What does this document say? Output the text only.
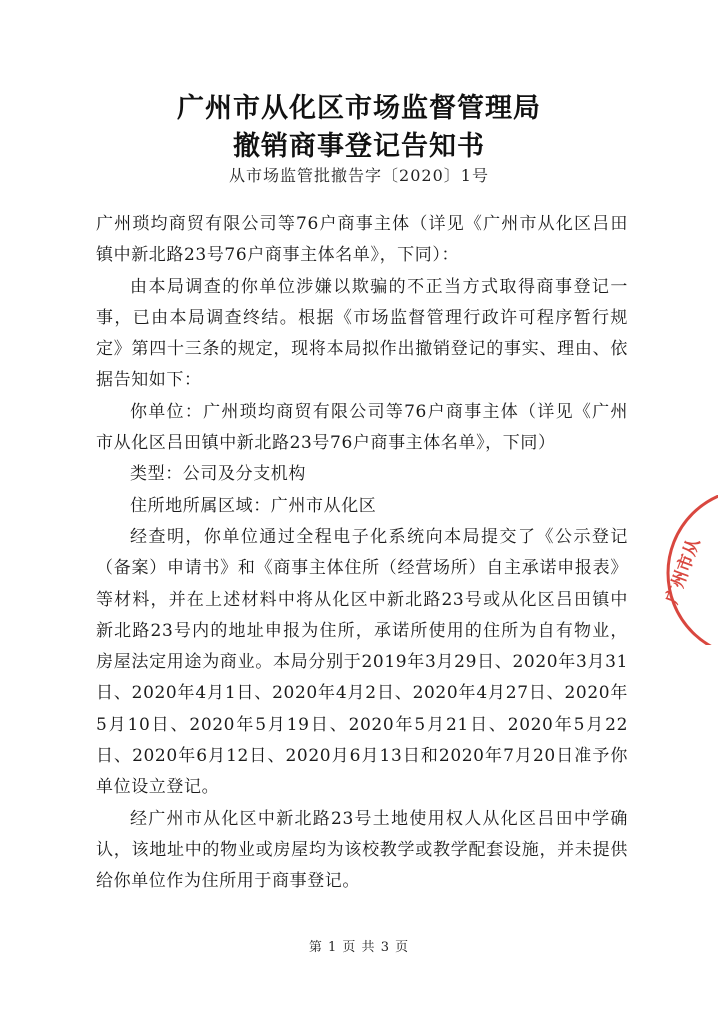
广州市从化区市场监督管理局
撤销商事登记告知书
从市场监管批撤告字〔2020〕1号

广州琐均商贸有限公司等76户商事主体（详见《广州市从化区吕田镇中新北路23号76户商事主体名单》，下同）：

由本局调查的你单位涉嫌以欺骗的不正当方式取得商事登记一事，已由本局调查终结。根据《市场监督管理行政许可程序暂行规定》第四十三条的规定，现将本局拟作出撤销登记的事实、理由、依据告知如下：

你单位：广州琐均商贸有限公司等76户商事主体（详见《广州市从化区吕田镇中新北路23号76户商事主体名单》，下同）

类型：公司及分支机构

住所地所属区域：广州市从化区

经查明，你单位通过全程电子化系统向本局提交了《公示登记（备案）申请书》和《商事主体住所（经营场所）自主承诺申报表》等材料，并在上述材料中将从化区中新北路23号或从化区吕田镇中新北路23号内的地址申报为住所，承诺所使用的住所为自有物业，房屋法定用途为商业。本局分别于2019年3月29日、2020年3月31日、2020年4月1日、2020年4月2日、2020年4月27日、2020年5月10日、2020年5月19日、2020年5月21日、2020年5月22日、2020年6月12日、2020月6月13日和2020年7月20日准予你单位设立登记。

经广州市从化区中新北路23号土地使用权人从化区吕田中学确认，该地址中的物业或房屋均为该校教学或教学配套设施，并未提供给你单位作为住所用于商事登记。

广州市从
第 1 页 共 3 页
